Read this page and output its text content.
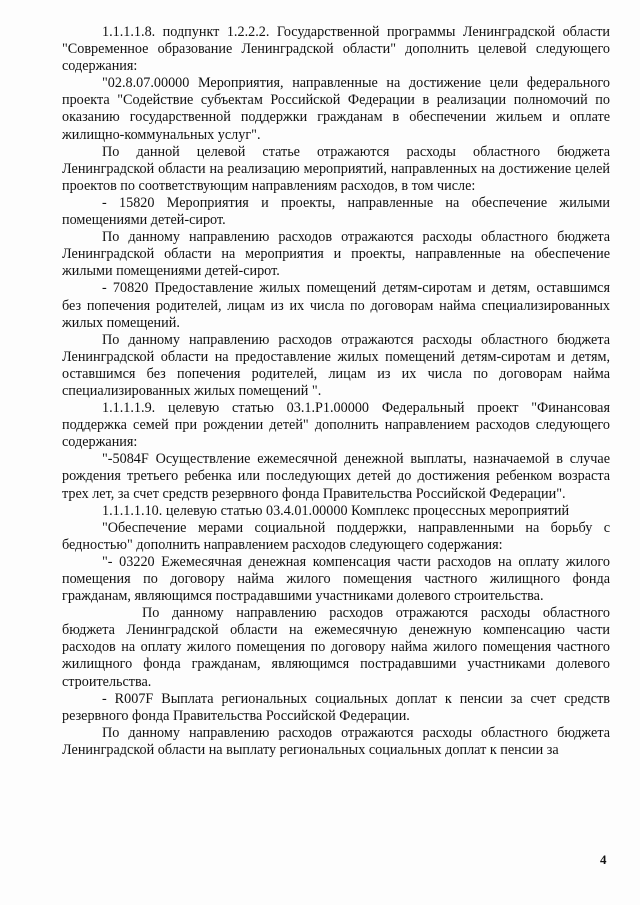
1.1.1.1.8. подпункт 1.2.2.2. Государственной программы Ленинградской области "Современное образование Ленинградской области" дополнить целевой следующего содержания:

"02.8.07.00000 Мероприятия, направленные на достижение цели федерального проекта "Содействие субъектам Российской Федерации в реализации полномочий по оказанию государственной поддержки гражданам в обеспечении жильем и оплате жилищно-коммунальных услуг".

По данной целевой статье отражаются расходы областного бюджета Ленинградской области на реализацию мероприятий, направленных на достижение целей проектов по соответствующим направлениям расходов, в том числе:

- 15820 Мероприятия и проекты, направленные на обеспечение жилыми помещениями детей-сирот.

По данному направлению расходов отражаются расходы областного бюджета Ленинградской области на мероприятия и проекты, направленные на обеспечение жилыми помещениями детей-сирот.

- 70820 Предоставление жилых помещений детям-сиротам и детям, оставшимся без попечения родителей, лицам из их числа по договорам найма специализированных жилых помещений.

По данному направлению расходов отражаются расходы областного бюджета Ленинградской области на предоставление жилых помещений детям-сиротам и детям, оставшимся без попечения родителей, лицам из их числа по договорам найма специализированных жилых помещений ".

1.1.1.1.9. целевую статью 03.1.Р1.00000 Федеральный проект "Финансовая поддержка семей при рождении детей" дополнить направлением расходов следующего содержания:

"-5084F Осуществление ежемесячной денежной выплаты, назначаемой в случае рождения третьего ребенка или последующих детей до достижения ребенком возраста трех лет, за счет средств резервного фонда Правительства Российской Федерации".

1.1.1.1.10. целевую статью 03.4.01.00000 Комплекс процессных мероприятий

"Обеспечение мерами социальной поддержки, направленными на борьбу с бедностью" дополнить направлением расходов следующего содержания:

"- 03220 Ежемесячная денежная компенсация части расходов на оплату жилого помещения по договору найма жилого помещения частного жилищного фонда гражданам, являющимся пострадавшими участниками долевого строительства.

По данному направлению расходов отражаются расходы областного бюджета Ленинградской области на ежемесячную денежную компенсацию части расходов на оплату жилого помещения по договору найма жилого помещения частного жилищного фонда гражданам, являющимся пострадавшими участниками долевого строительства.

- R007F Выплата региональных социальных доплат к пенсии за счет средств резервного фонда Правительства Российской Федерации.

По данному направлению расходов отражаются расходы областного бюджета Ленинградской области на выплату региональных социальных доплат к пенсии за

4
